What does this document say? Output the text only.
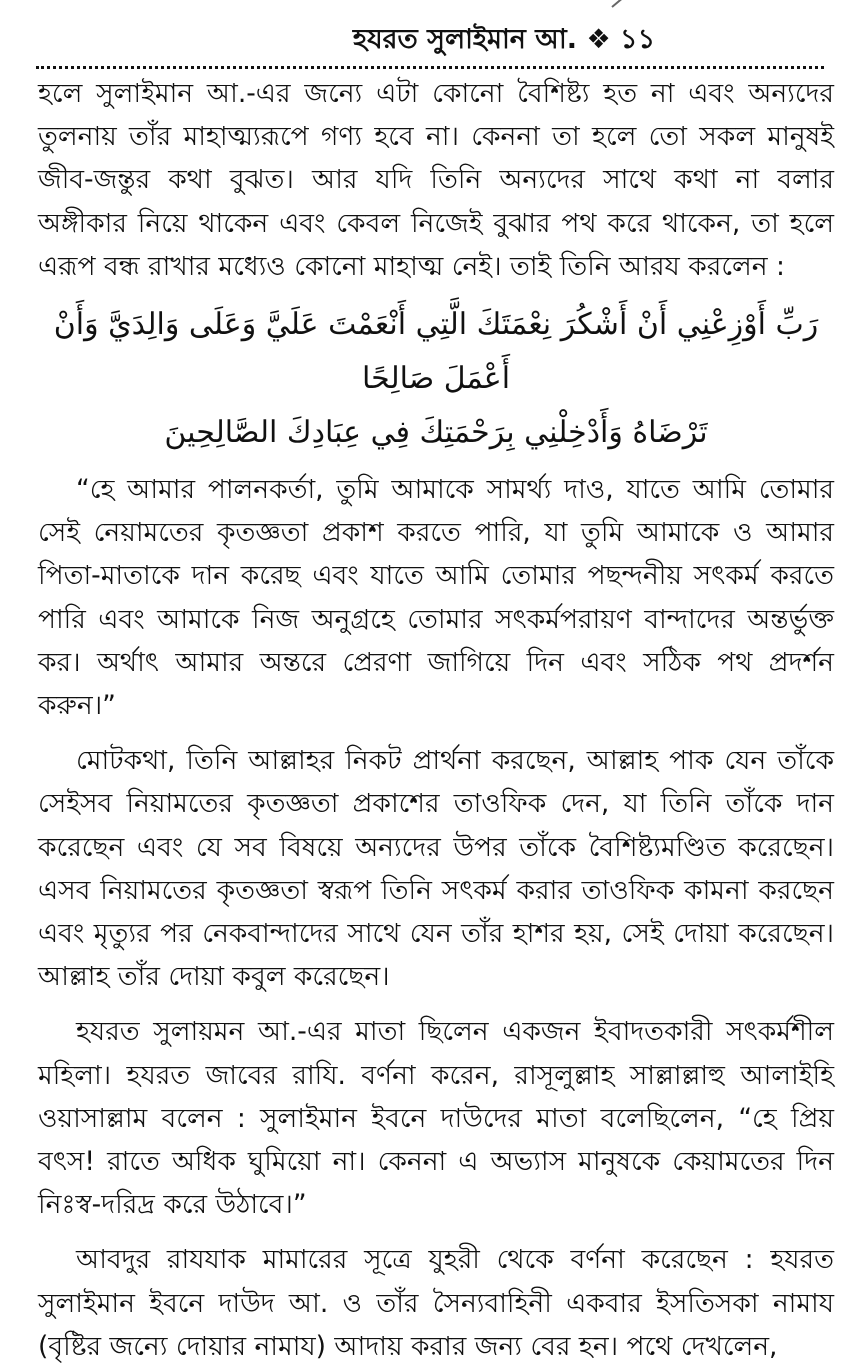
হযরত সুলাইমান আ. ❖ ১১

হলে সুলাইমান আ.-এর জন্যে এটা কোনো বৈশিষ্ট্য হত না এবং অন্যদের তুলনায় তাঁর মাহাত্ম্যরূপে গণ্য হবে না। কেননা তা হলে তো সকল মানুষই জীব-জন্তুর কথা বুঝত। আর যদি তিনি অন্যদের সাথে কথা না বলার অঙ্গীকার নিয়ে থাকেন এবং কেবল নিজেই বুঝার পথ করে থাকেন, তা হলে এরূপ বন্ধ রাখার মধ্যেও কোনো মাহাত্ম নেই। তাই তিনি আরয করলেন :

رَبِّ أَوْزِعْنِي أَنْ أَشْكُرَ نِعْمَتَكَ الَّتِي أَنْعَمْتَ عَلَيَّ وَعَلَى وَالِدَيَّ وَأَنْ أَعْمَلَ صَالِحًا
تَرْضَاهُ وَأَدْخِلْنِي بِرَحْمَتِكَ فِي عِبَادِكَ الصَّالِحِينَ

“হে আমার পালনকর্তা, তুমি আমাকে সামর্থ্য দাও, যাতে আমি তোমার সেই নেয়ামতের কৃতজ্ঞতা প্রকাশ করতে পারি, যা তুমি আমাকে ও আমার পিতা-মাতাকে দান করেছ এবং যাতে আমি তোমার পছন্দনীয় সৎকর্ম করতে পারি এবং আমাকে নিজ অনুগ্রহে তোমার সৎকর্মপরায়ণ বান্দাদের অন্তর্ভুক্ত কর। অর্থাৎ আমার অন্তরে প্রেরণা জাগিয়ে দিন এবং সঠিক পথ প্রদর্শন করুন।”

মোটকথা, তিনি আল্লাহর নিকট প্রার্থনা করছেন, আল্লাহ পাক যেন তাঁকে সেইসব নিয়ামতের কৃতজ্ঞতা প্রকাশের তাওফিক দেন, যা তিনি তাঁকে দান করেছেন এবং যে সব বিষয়ে অন্যদের উপর তাঁকে বৈশিষ্ট্যমণ্ডিত করেছেন। এসব নিয়ামতের কৃতজ্ঞতা স্বরূপ তিনি সৎকর্ম করার তাওফিক কামনা করছেন এবং মৃত্যুর পর নেকবান্দাদের সাথে যেন তাঁর হাশর হয়, সেই দোয়া করেছেন। আল্লাহ তাঁর দোয়া কবুল করেছেন।

হযরত সুলায়মন আ.-এর মাতা ছিলেন একজন ইবাদতকারী সৎকর্মশীল মহিলা। হযরত জাবের রাযি. বর্ণনা করেন, রাসূলুল্লাহ সাল্লাল্লাহু আলাইহি ওয়াসাল্লাম বলেন : সুলাইমান ইবনে দাউদের মাতা বলেছিলেন, “হে প্রিয় বৎস! রাতে অধিক ঘুমিয়ো না। কেননা এ অভ্যাস মানুষকে কেয়ামতের দিন নিঃস্ব-দরিদ্র করে উঠাবে।”

আবদুর রাযযাক মামারের সূত্রে যুহরী থেকে বর্ণনা করেছেন : হযরত সুলাইমান ইবনে দাউদ আ. ও তাঁর সৈন্যবাহিনী একবার ইসতিসকা নামায (বৃষ্টির জন্যে দোয়ার নামায) আদায় করার জন্য বের হন। পথে দেখলেন,
